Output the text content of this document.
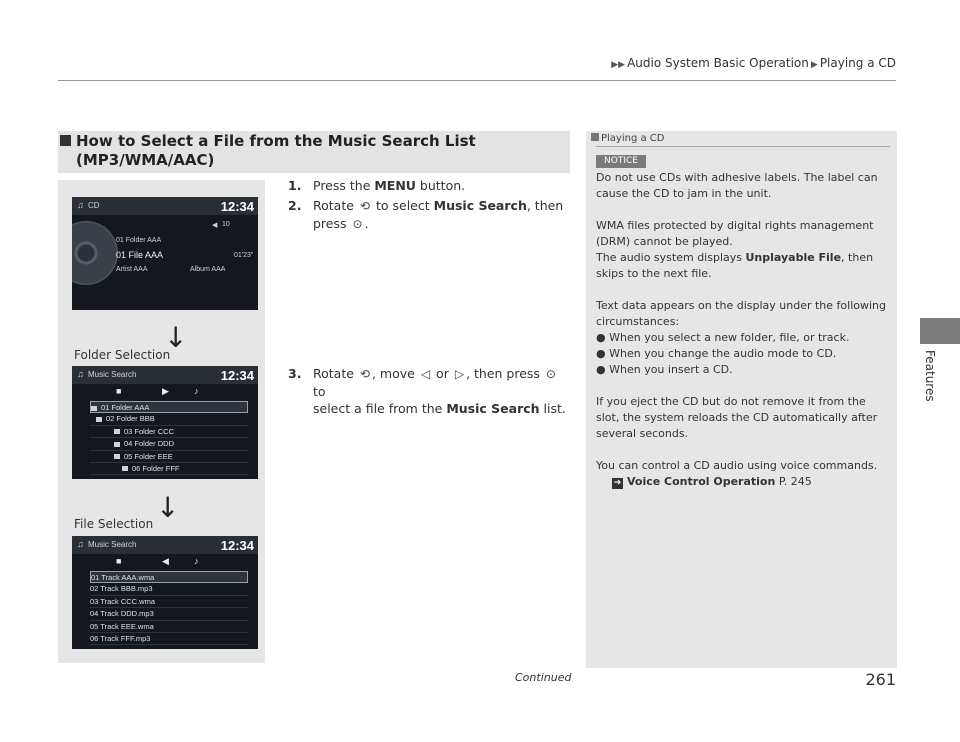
▶▶ Audio System Basic Operation ▶ Playing a CD
Features
How to Select a File from the Music Search List
(MP3/WMA/AAC)
♫ CD	12:34
◀ 10
01 Folder AAA
01 File AAA	01'23"
Artist AAA	Album AAA
Folder Selection
↓
♫ Music Search	12:34
■	▶	♪
01 Folder AAA
02 Folder BBB
03 Folder CCC
04 Folder DDD
05 Folder EEE
06 Folder FFF
File Selection ↓
♫ Music Search	12:34
■	◀	♪
01 Track AAA.wma
02 Track BBB.mp3
03 Track CCC.wma
04 Track DDD.mp3
05 Track EEE.wma
06 Track FFF.mp3
1. Press the MENU button.
2. Rotate ⟲ to select Music Search, then
press ⊙ .
3. Rotate ⟲ , move ◁ or ▷ , then press ⊙ to
select a file from the Music Search list.
Playing a CD
NOTICE

Do not use CDs with adhesive labels. The label can cause the CD to jam in the unit.

WMA files protected by digital rights management (DRM) cannot be played.
The audio system displays Unplayable File, then skips to the next file.

Text data appears on the display under the following circumstances:
● When you select a new folder, file, or track.
● When you change the audio mode to CD.
● When you insert a CD.

If you eject the CD but do not remove it from the slot, the system reloads the CD automatically after several seconds.

You can control a CD audio using voice commands.
➔ Voice Control Operation P. 245

Continued	261
